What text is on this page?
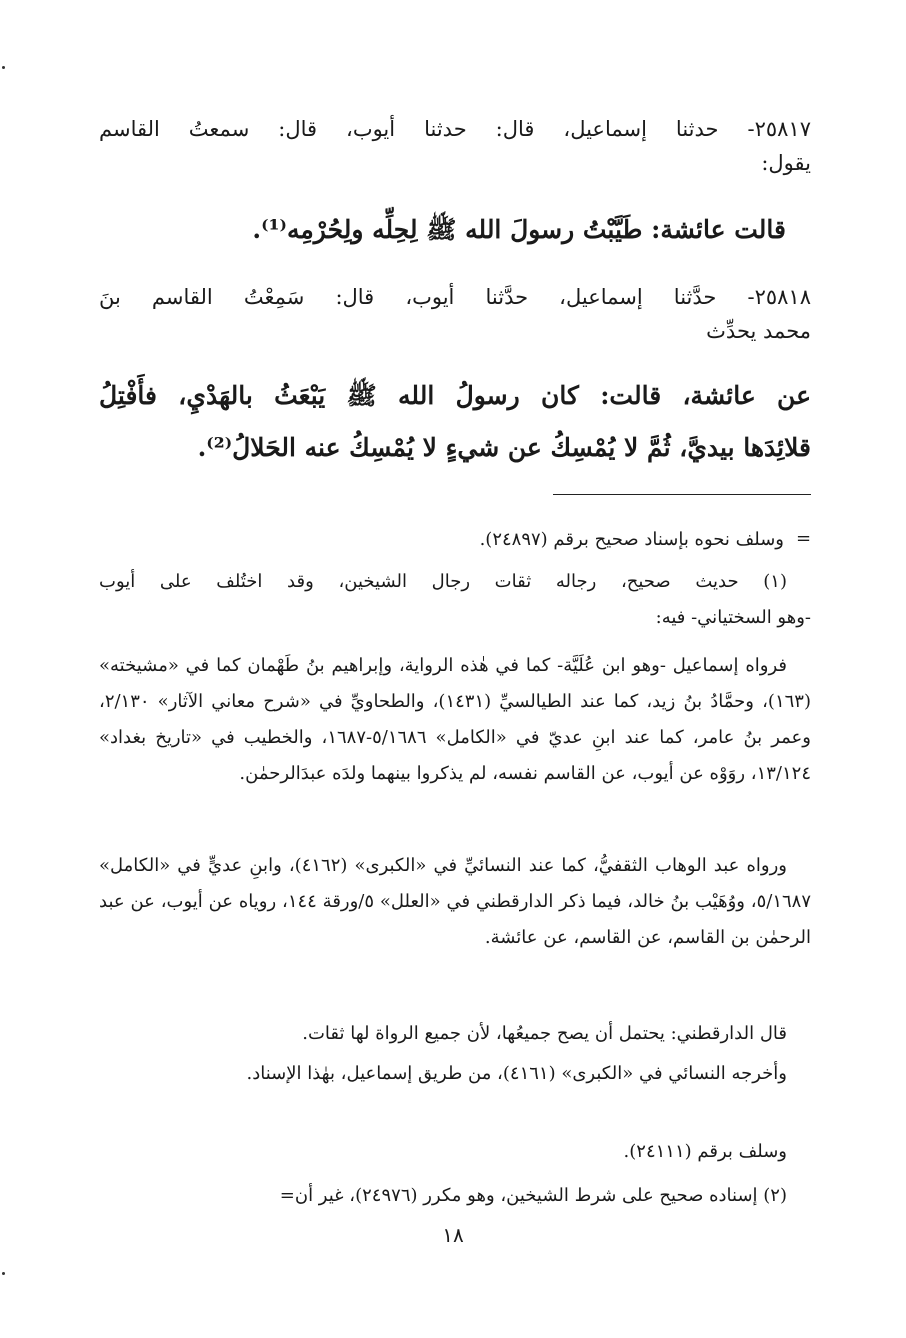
٢٥٨١٧- حدثنا إسماعيل، قال: حدثنا أيوب، قال: سمعتُ القاسم
يقول:
قالت عائشة: طَيَّبْتُ رسولَ الله ﷺ لِحِلِّه ولِحُرْمِه⁽¹⁾.
٢٥٨١٨- حدَّثنا إسماعيل، حدَّثنا أيوب، قال: سَمِعْتُ القاسم بنَ
محمد يحدِّث
عن عائشة، قالت: كان رسولُ الله ﷺ يَبْعَثُ بالهَدْيِ، فأَفْتِلُ
قلائِدَها بيديَّ، ثُمَّ لا يُمْسِكُ عن شيءٍ لا يُمْسِكُ عنه الحَلالُ⁽²⁾.
=
وسلف نحوه بإسناد صحيح برقم (٢٤٨٩٧).
(١) حديث صحيح، رجاله ثقات رجال الشيخين، وقد اختُلف على أيوب
-وهو السختياني- فيه:
فرواه إسماعيل -وهو ابن عُلَيَّة- كما في هٰذه الرواية، وإبراهيم بنُ طَهْمان كما في «مشيخته» (١٦٣)، وحمَّادُ بنُ زيد، كما عند الطيالسيِّ (١٤٣١)، والطحاويِّ في «شرح معاني الآثار» ٢/١٣٠، وعمر بنُ عامر، كما عند ابنِ عديّ في «الكامل» ٥/١٦٨٦-١٦٨٧، والخطيب في «تاريخ بغداد» ١٣/١٢٤، روَوْه عن أيوب، عن القاسم نفسه، لم يذكروا بينهما ولدَه عبدَالرحمٰن.
ورواه عبد الوهاب الثقفيُّ، كما عند النسائيِّ في «الكبرى» (٤١٦٢)، وابنِ عديٍّ في «الكامل» ٥/١٦٨٧، ووُهَيْب بنُ خالد، فيما ذكر الدارقطني في «العلل» ٥/ورقة ١٤٤، روياه عن أيوب، عن عبد الرحمٰن بن القاسم، عن القاسم، عن عائشة.
قال الدارقطني: يحتمل أن يصح جميعُها، لأن جميع الرواة لها ثقات.
وأخرجه النسائي في «الكبرى» (٤١٦١)، من طريق إسماعيل، بهٰذا الإسناد.
وسلف برقم (٢٤١١١).
(٢) إسناده صحيح على شرط الشيخين، وهو مكرر (٢٤٩٧٦)، غير أن=
١٨
